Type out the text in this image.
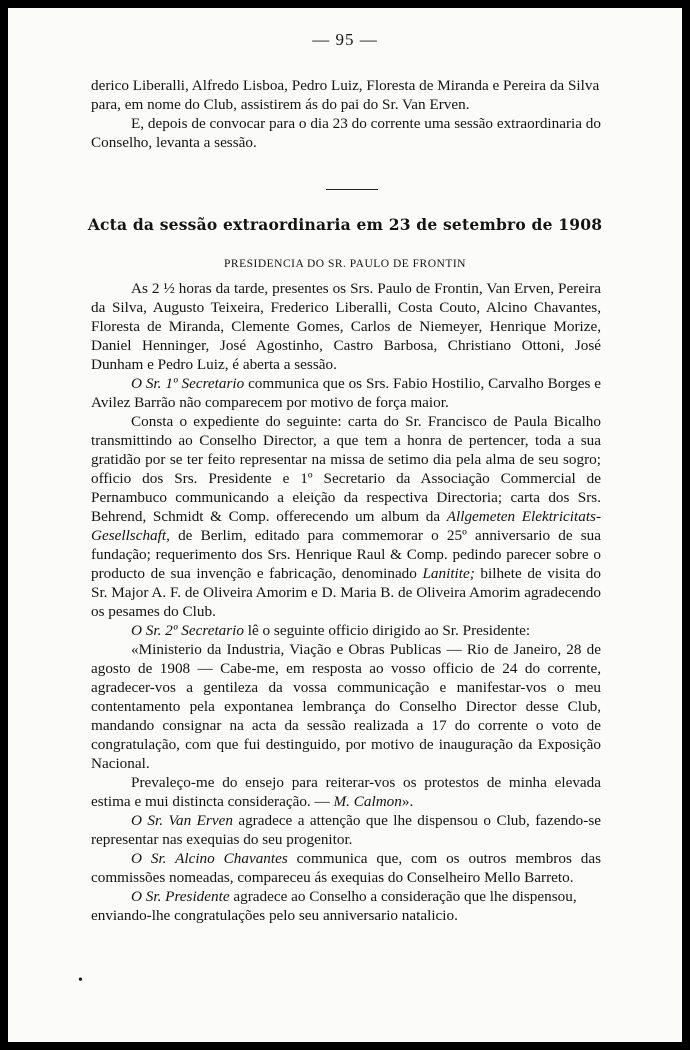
— 95 —

derico Liberalli, Alfredo Lisboa, Pedro Luiz, Floresta de Miranda e Pereira da Silva para, em nome do Club, assistirem ás do pai do Sr. Van Erven.

E, depois de convocar para o dia 23 do corrente uma sessão extraordinaria do Conselho, levanta a sessão.

Acta da sessão extraordinaria em 23 de setembro de 1908
PRESIDENCIA DO SR. PAULO DE FRONTIN

As 2 ½ horas da tarde, presentes os Srs. Paulo de Frontin, Van Erven, Pereira da Silva, Augusto Teixeira, Frederico Liberalli, Costa Couto, Alcino Chavantes, Floresta de Miranda, Clemente Gomes, Carlos de Niemeyer, Henrique Morize, Daniel Henninger, José Agostinho, Castro Barbosa, Christiano Ottoni, José Dunham e Pedro Luiz, é aberta a sessão.

O Sr. 1º Secretario communica que os Srs. Fabio Hostilio, Carvalho Borges e Avilez Barrão não comparecem por motivo de força maior.

Consta o expediente do seguinte: carta do Sr. Francisco de Paula Bicalho transmittindo ao Conselho Director, a que tem a honra de pertencer, toda a sua gratidão por se ter feito representar na missa de setimo dia pela alma de seu sogro; officio dos Srs. Presidente e 1º Secretario da Associação Commercial de Pernambuco communicando a eleição da respectiva Directoria; carta dos Srs. Behrend, Schmidt & Comp. offerecendo um album da Allgemeten Elektricitats-Gesellschaft, de Berlim, editado para commemorar o 25º anniversario de sua fundação; requerimento dos Srs. Henrique Raul & Comp. pedindo parecer sobre o producto de sua invenção e fabricação, denominado Lanitite; bilhete de visita do Sr. Major A. F. de Oliveira Amorim e D. Maria B. de Oliveira Amorim agradecendo os pesames do Club.

O Sr. 2º Secretario lê o seguinte officio dirigido ao Sr. Presidente:

«Ministerio da Industria, Viação e Obras Publicas — Rio de Janeiro, 28 de agosto de 1908 — Cabe-me, em resposta ao vosso officio de 24 do corrente, agradecer-vos a gentileza da vossa communicação e manifestar-vos o meu contentamento pela expontanea lembrança do Conselho Director desse Club, mandando consignar na acta da sessão realizada a 17 do corrente o voto de congratulação, com que fui destinguido, por motivo de inauguração da Exposição Nacional.

Prevaleço-me do ensejo para reiterar-vos os protestos de minha elevada estima e mui distincta consideração. — M. Calmon».

O Sr. Van Erven agradece a attenção que lhe dispensou o Club, fazendo-se representar nas exequias do seu progenitor.

O Sr. Alcino Chavantes communica que, com os outros membros das commissões nomeadas, compareceu ás exequias do Conselheiro Mello Barreto.

O Sr. Presidente agradece ao Conselho a consideração que lhe dispensou, enviando-lhe congratulações pelo seu anniversario natalicio.

•
